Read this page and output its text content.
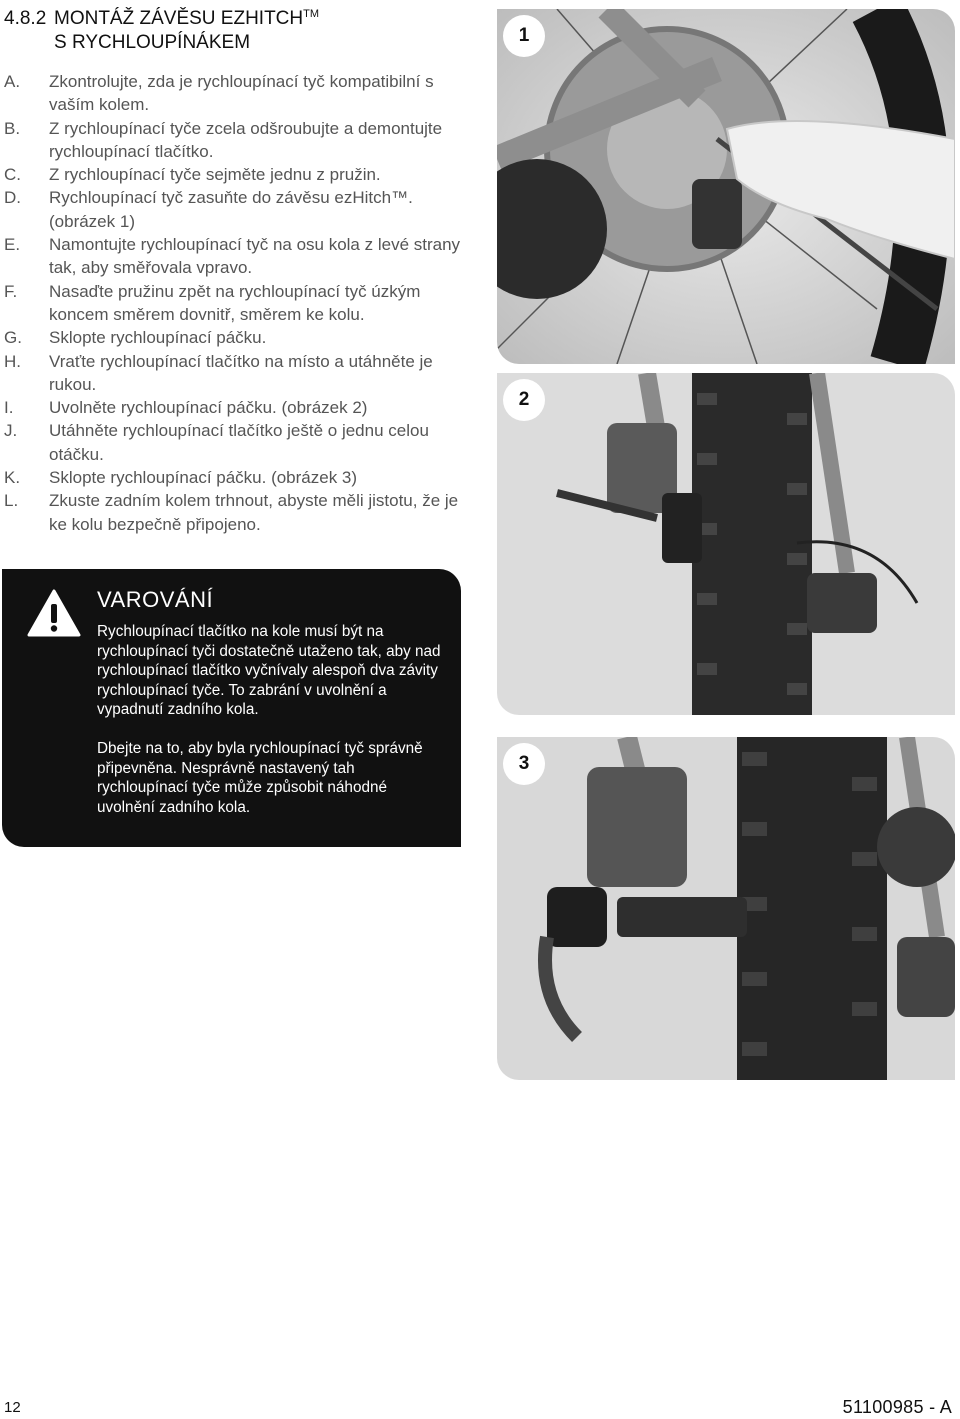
4.8.2 MONTÁŽ ZÁVĚSU EZHITCH™
S RYCHLOUPÍNÁKEM
A. Zkontrolujte, zda je rychloupínací tyč kompatibilní s vaším kolem.
B. Z rychloupínací tyče zcela odšroubujte a demontujte rychloupínací tlačítko.
C. Z rychloupínací tyče sejměte jednu z pružin.
D. Rychloupínací tyč zasuňte do závěsu ezHitch™. (obrázek 1)
E. Namontujte rychloupínací tyč na osu kola z levé strany tak, aby směřovala vpravo.
F. Nasaďte pružinu zpět na rychloupínací tyč úzkým koncem směrem dovnitř, směrem ke kolu.
G. Sklopte rychloupínací páčku.
H. Vraťte rychloupínací tlačítko na místo a utáhněte je rukou.
I. Uvolněte rychloupínací páčku. (obrázek 2)
J. Utáhněte rychloupínací tlačítko ještě o jednu celou otáčku.
K. Sklopte rychloupínací páčku. (obrázek 3)
L. Zkuste zadním kolem trhnout, abyste měli jistotu, že je ke kolu bezpečně připojeno.
VAROVÁNÍ

Rychloupínací tlačítko na kole musí být na rychloupínací tyči dostatečně utaženo tak, aby nad rychloupínací tlačítko vyčnívaly alespoň dva závity rychloupínací tyče. To zabrání v uvolnění a vypadnutí zadního kola.

Dbejte na to, aby byla rychloupínací tyč správně připevněna. Nesprávně nastavený tah rychloupínací tyče může způsobit náhodné uvolnění zadního kola.

1
2
3
12	51100985 - A
